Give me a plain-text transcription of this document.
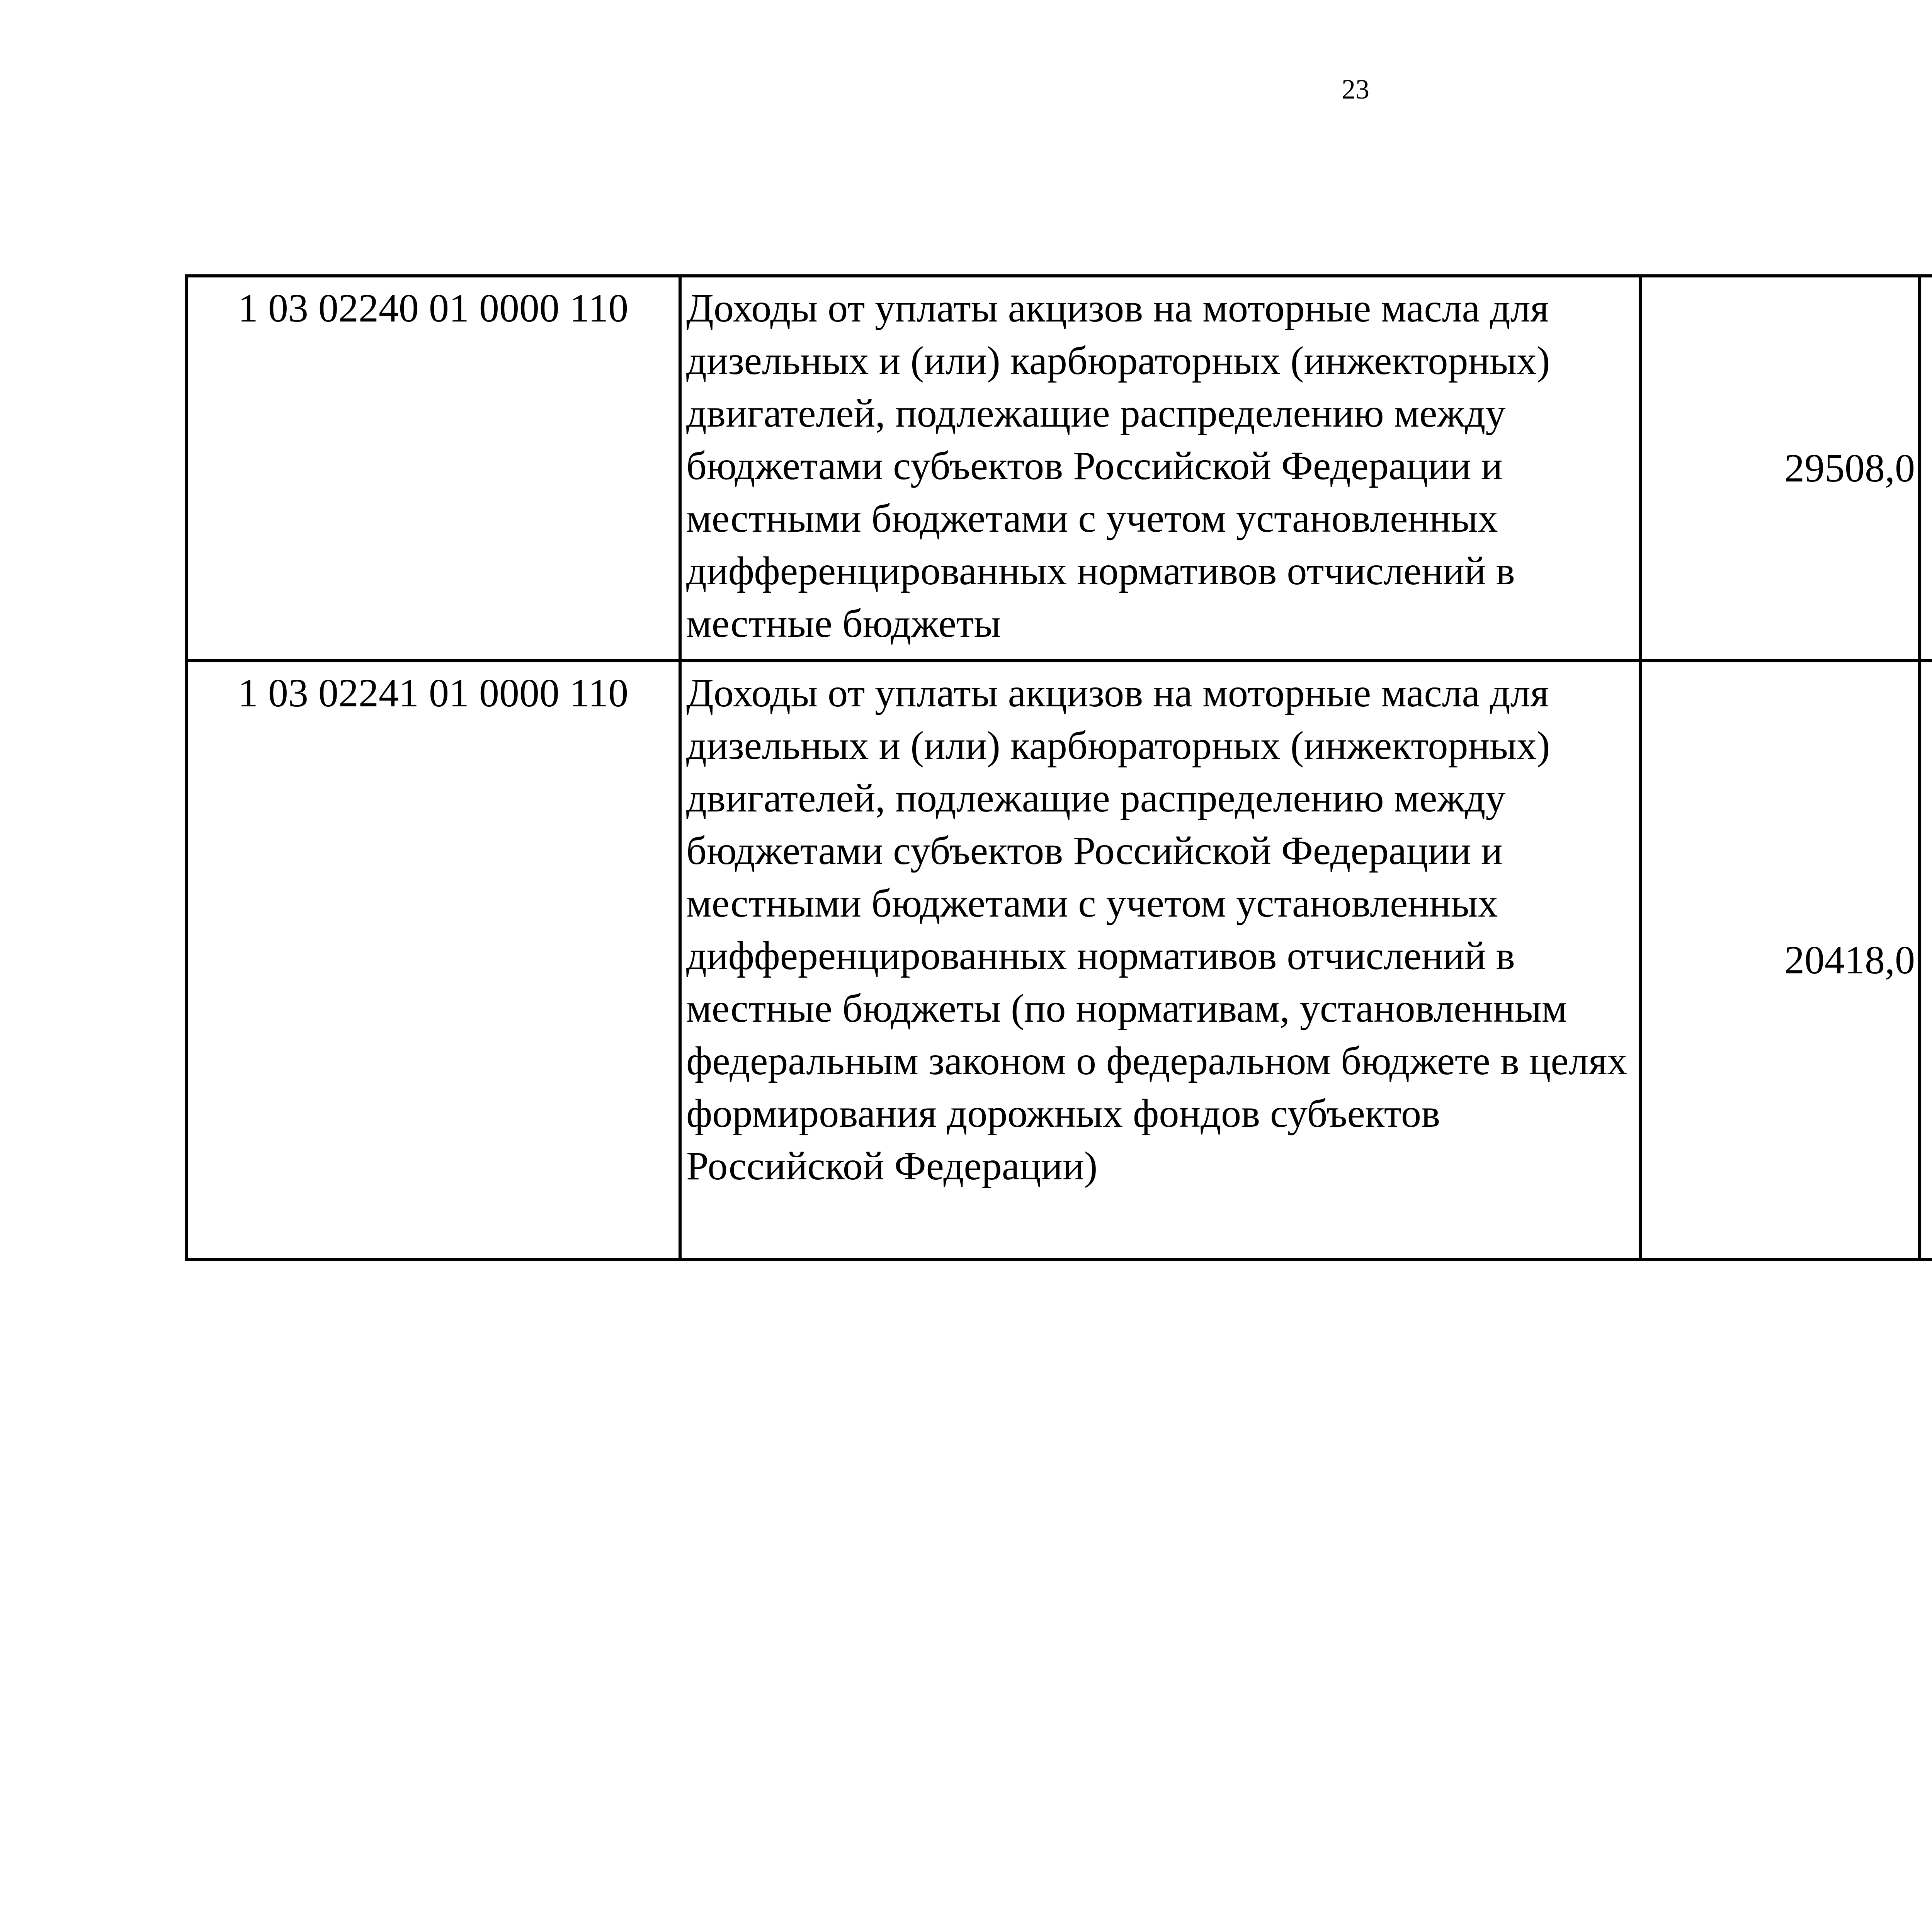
23
1 03 02240 01 0000 110	Доходы от уплаты акцизов на моторные масла для дизельных и (или) карбюраторных (инжекторных) двигателей, подлежащие распределению между бюджетами субъектов Российской Федерации и местными бюджетами с учетом установленных дифференцированных нормативов отчислений в местные бюджеты	29508,0		
1 03 02241 01 0000 110	Доходы от уплаты акцизов на моторные масла для дизельных и (или) карбюраторных (инжекторных) двигателей, подлежащие распределению между бюджетами субъектов Российской Федерации и местными бюджетами с учетом установленных дифференцированных нормативов отчислений в местные бюджеты (по нормативам, установленным федеральным законом о федеральном бюджете в целях формирования дорожных фондов субъектов Российской Федерации)	20418,0		
